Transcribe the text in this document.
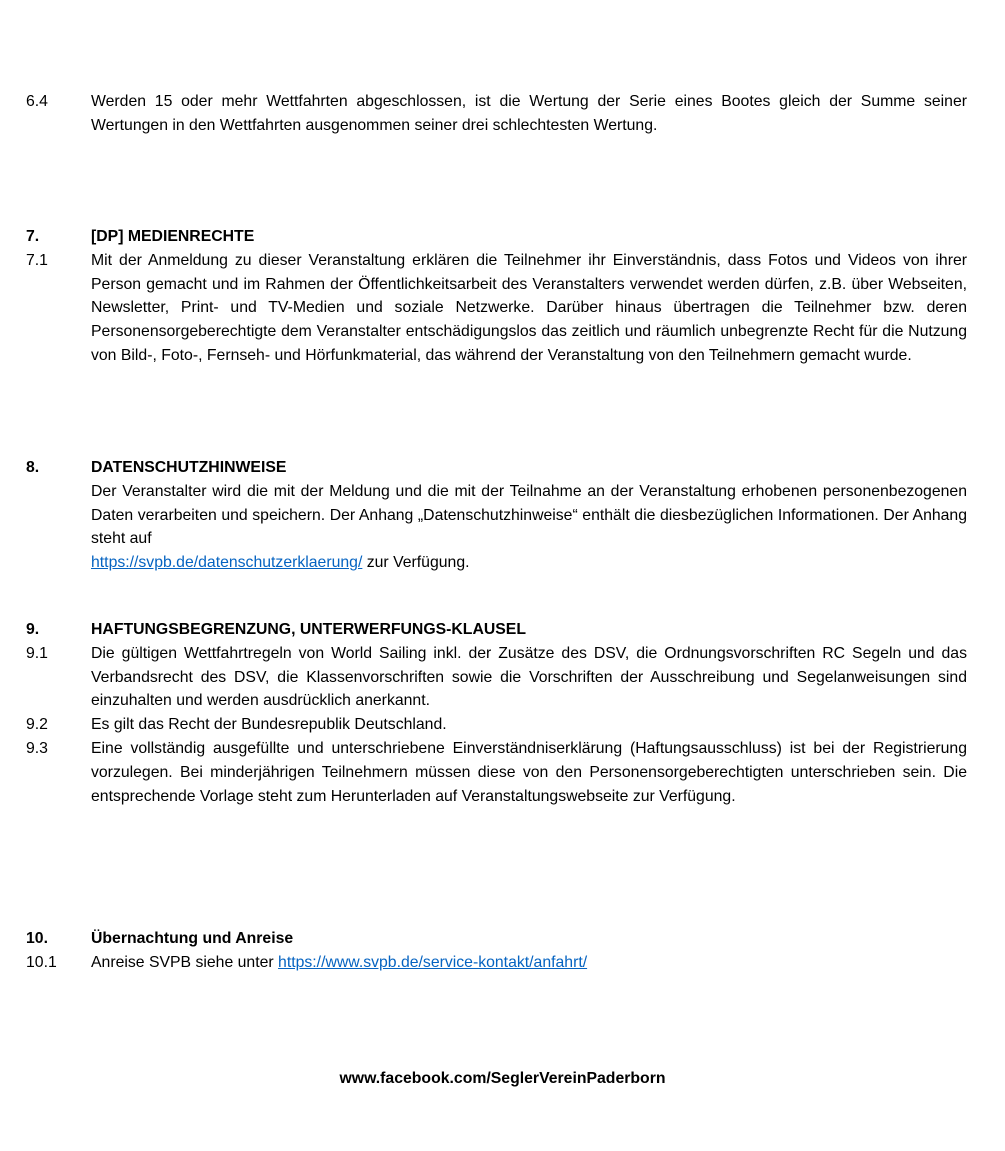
6.4	Werden 15 oder mehr Wettfahrten abgeschlossen, ist die Wertung der Serie eines Bootes gleich der Summe seiner Wertungen in den Wettfahrten ausgenommen seiner drei schlechtesten Wertung.
7.	[DP] MEDIENRECHTE
7.1	Mit der Anmeldung zu dieser Veranstaltung erklären die Teilnehmer ihr Einverständnis, dass Fotos und Videos von ihrer Person gemacht und im Rahmen der Öffentlichkeitsarbeit des Veranstalters verwendet werden dürfen, z.B. über Webseiten, Newsletter, Print- und TV-Medien und soziale Netzwerke. Darüber hinaus übertragen die Teilnehmer bzw. deren Personensorgeberechtigte dem Veranstalter entschädigungslos das zeitlich und räumlich unbegrenzte Recht für die Nutzung von Bild-, Foto-, Fernseh- und Hörfunkmaterial, das während der Veranstaltung von den Teilnehmern gemacht wurde.
8.	DATENSCHUTZHINWEISE
Der Veranstalter wird die mit der Meldung und die mit der Teilnahme an der Veranstaltung erhobenen personenbezogenen Daten verarbeiten und speichern. Der Anhang „Datenschutzhinweise“ enthält die diesbezüglichen Informationen. Der Anhang steht auf
https://svpb.de/datenschutzerklaerung/ zur Verfügung.
9.	HAFTUNGSBEGRENZUNG, UNTERWERFUNGS-KLAUSEL
9.1	Die gültigen Wettfahrtregeln von World Sailing inkl. der Zusätze des DSV, die Ordnungsvorschriften RC Segeln und das Verbandsrecht des DSV, die Klassenvorschriften sowie die Vorschriften der Ausschreibung und Segelanweisungen sind einzuhalten und werden ausdrücklich anerkannt.
9.2	Es gilt das Recht der Bundesrepublik Deutschland.
9.3	Eine vollständig ausgefüllte und unterschriebene Einverständniserklärung (Haftungsausschluss) ist bei der Registrierung vorzulegen. Bei minderjährigen Teilnehmern müssen diese von den Personensorgeberechtigten unterschrieben sein. Die entsprechende Vorlage steht zum Herunterladen auf Veranstaltungswebseite zur Verfügung.
10.	Übernachtung und Anreise
10.1	Anreise SVPB siehe unter https://www.svpb.de/service-kontakt/anfahrt/
www.facebook.com/SeglerVereinPaderborn
